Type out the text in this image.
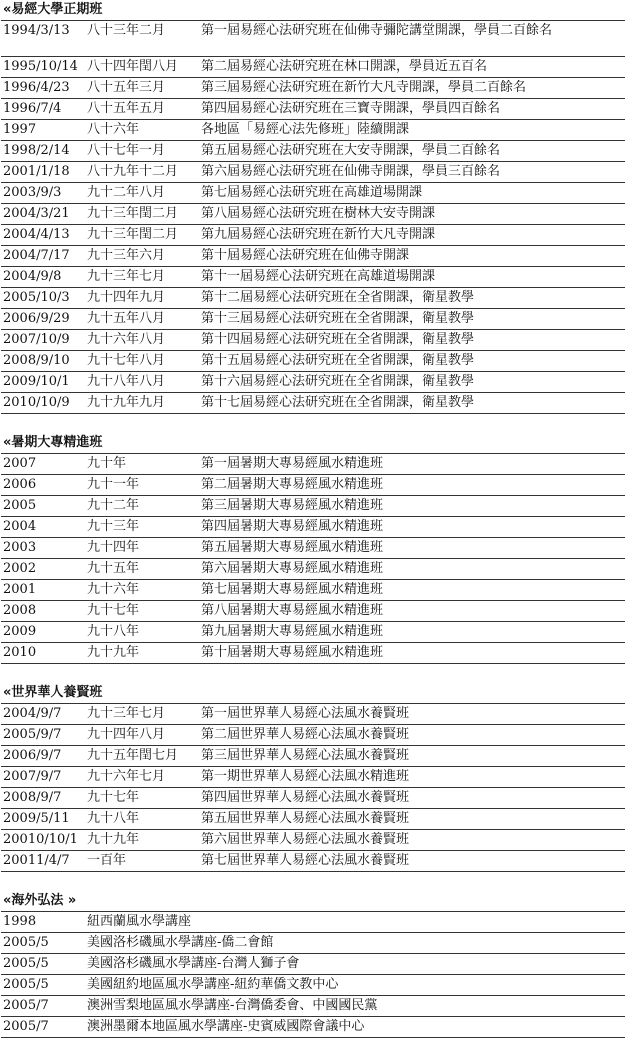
«易經大學正期班
1994/3/13	八十三年二月	第一屆易經心法研究班在仙佛寺彌陀講堂開課，學員二百餘名
1995/10/14	八十四年閏八月	第二屆易經心法研究班在林口開課，學員近五百名
1996/4/23	八十五年三月	第三屆易經心法研究班在新竹大凡寺開課，學員二百餘名
1996/7/4	八十五年五月	第四屆易經心法研究班在三寶寺開課，學員四百餘名
1997	八十六年	各地區「易經心法先修班」陸續開課
1998/2/14	八十七年一月	第五屆易經心法研究班在大安寺開課，學員二百餘名
2001/1/18	八十九年十二月	第六屆易經心法研究班在仙佛寺開課，學員三百餘名
2003/9/3	九十二年八月	第七屆易經心法研究班在高雄道場開課
2004/3/21	九十三年閏二月	第八屆易經心法研究班在樹林大安寺開課
2004/4/13	九十三年閏二月	第九屆易經心法研究班在新竹大凡寺開課
2004/7/17	九十三年六月	第十屆易經心法研究班在仙佛寺開課
2004/9/8	九十三年七月	第十一屆易經心法研究班在高雄道場開課
2005/10/3	九十四年九月	第十二屆易經心法研究班在全省開課，衛星教學
2006/9/29	九十五年八月	第十三屆易經心法研究班在全省開課，衛星教學
2007/10/9	九十六年八月	第十四屆易經心法研究班在全省開課，衛星教學
2008/9/10	九十七年八月	第十五屆易經心法研究班在全省開課，衛星教學
2009/10/1	九十八年八月	第十六屆易經心法研究班在全省開課，衛星教學
2010/10/9	九十九年九月	第十七屆易經心法研究班在全省開課，衛星教學
«暑期大專精進班
2007	九十年	第一屆暑期大專易經風水精進班
2006	九十一年	第二屆暑期大專易經風水精進班
2005	九十二年	第三屆暑期大專易經風水精進班
2004	九十三年	第四屆暑期大專易經風水精進班
2003	九十四年	第五屆暑期大專易經風水精進班
2002	九十五年	第六屆暑期大專易經風水精進班
2001	九十六年	第七屆暑期大專易經風水精進班
2008	九十七年	第八屆暑期大專易經風水精進班
2009	九十八年	第九屆暑期大專易經風水精進班
2010	九十九年	第十屆暑期大專易經風水精進班
«世界華人養賢班
2004/9/7	九十三年七月	第一屆世界華人易經心法風水養賢班
2005/9/7	九十四年八月	第二屆世界華人易經心法風水養賢班
2006/9/7	九十五年閏七月	第三屆世界華人易經心法風水養賢班
2007/9/7	九十六年七月	第一期世界華人易經心法風水精進班
2008/9/7	九十七年	第四屆世界華人易經心法風水養賢班
2009/5/11	九十八年	第五屆世界華人易經心法風水養賢班
20010/10/1	九十九年	第六屆世界華人易經心法風水養賢班
20011/4/7	一百年	第七屆世界華人易經心法風水養賢班
«海外弘法 »
1998	紐西蘭風水學講座
2005/5	美國洛杉磯風水學講座-僑二會館
2005/5	美國洛杉磯風水學講座-台灣人獅子會
2005/5	美國紐約地區風水學講座-紐約華僑文教中心
2005/7	澳洲雪梨地區風水學講座-台灣僑委會、中國國民黨
2005/7	澳洲墨爾本地區風水學講座-史賓威國際會議中心
